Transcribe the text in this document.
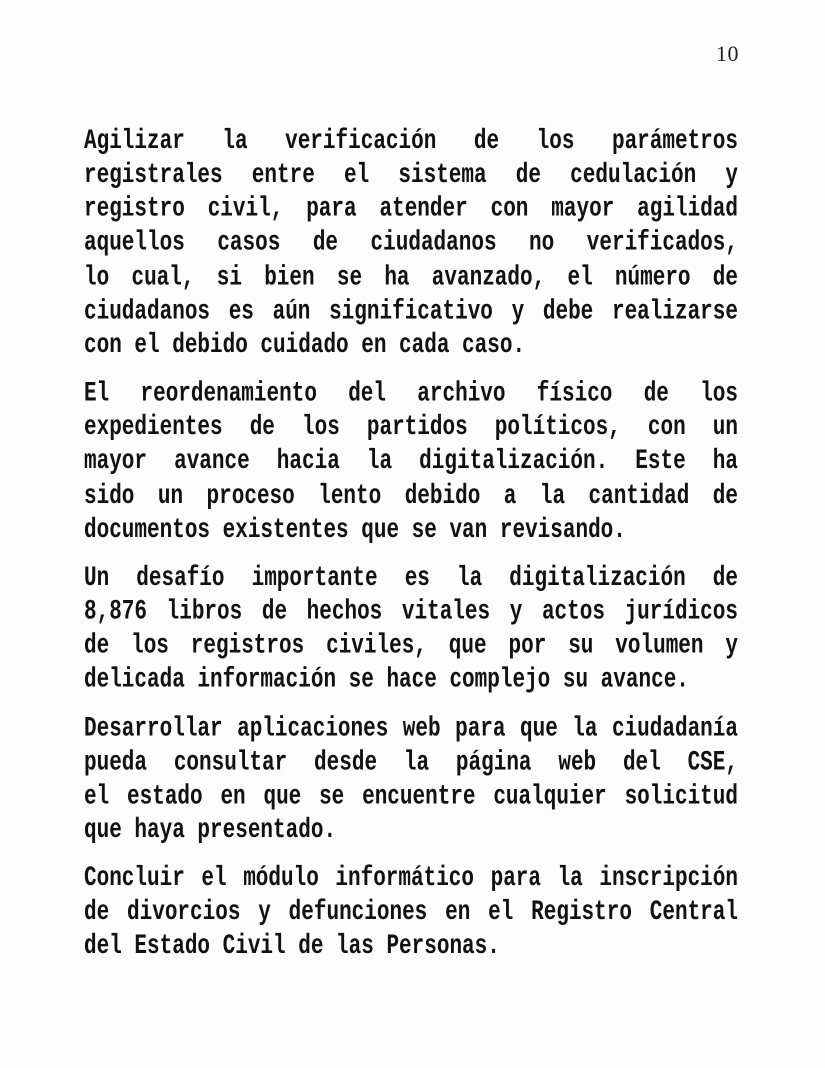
10
Agilizar la verificación de los parámetros
registrales entre el sistema de cedulación y
registro civil, para atender con mayor agilidad
aquellos casos de ciudadanos no verificados,
lo cual, si bien se ha avanzado, el número de
ciudadanos es aún significativo y debe realizarse
con el debido cuidado en cada caso.
El reordenamiento del archivo físico de los
expedientes de los partidos políticos, con un
mayor avance hacia la digitalización. Este ha
sido un proceso lento debido a la cantidad de
documentos existentes que se van revisando.
Un desafío importante es la digitalización de
8,876 libros de hechos vitales y actos jurídicos
de los registros civiles, que por su volumen y
delicada información se hace complejo su avance.
Desarrollar aplicaciones web para que la ciudadanía
pueda consultar desde la página web del CSE,
el estado en que se encuentre cualquier solicitud
que haya presentado.
Concluir el módulo informático para la inscripción
de divorcios y defunciones en el Registro Central
del Estado Civil de las Personas.
